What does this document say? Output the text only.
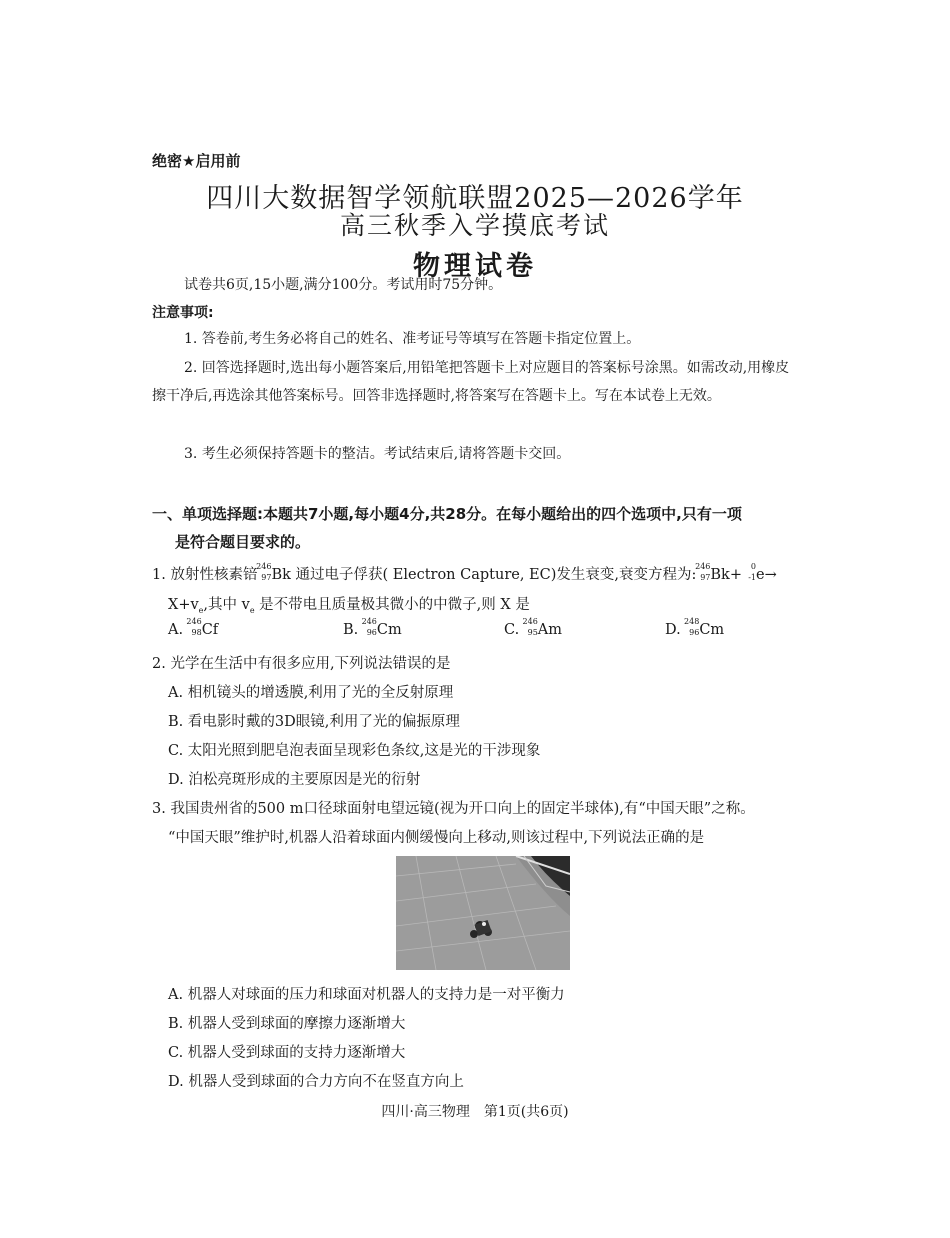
绝密★启用前
四川大数据智学领航联盟2025—2026学年
高三秋季入学摸底考试
物理试卷
试卷共6页,15小题,满分100分。考试用时75分钟。
注意事项:
1. 答卷前,考生务必将自己的姓名、准考证号等填写在答题卡指定位置上。
2. 回答选择题时,选出每小题答案后,用铅笔把答题卡上对应题目的答案标号涂黑。如需改动,用橡皮擦干净后,再选涂其他答案标号。回答非选择题时,将答案写在答题卡上。写在本试卷上无效。
3. 考生必须保持答题卡的整洁。考试结束后,请将答题卡交回。
一、单项选择题:本题共7小题,每小题4分,共28分。在每小题给出的四个选项中,只有一项
是符合题目要求的。
1. 放射性核素锫
246
97 Bk 通过电子俘获( Electron Capture, EC)发生衰变,衰变方程为:
246
97 Bk+
0
-1 e→
$X+v_e$,其中 $v_e$ 是不带电且质量极其微小的中微子,则 X 是
A.
246
98 Cf	B.
246
96 Cm	C.
246
95 Am	D.
248
96 Cm
2. 光学在生活中有很多应用,下列说法错误的是
A. 相机镜头的增透膜,利用了光的全反射原理
B. 看电影时戴的3D眼镜,利用了光的偏振原理
C. 太阳光照到肥皂泡表面呈现彩色条纹,这是光的干涉现象
D. 泊松亮斑形成的主要原因是光的衍射
3. 我国贵州省的500 m口径球面射电望远镜(视为开口向上的固定半球体),有“中国天眼”之称。
“中国天眼”维护时,机器人沿着球面内侧缓慢向上移动,则该过程中,下列说法正确的是
A. 机器人对球面的压力和球面对机器人的支持力是一对平衡力
B. 机器人受到球面的摩擦力逐渐增大
C. 机器人受到球面的支持力逐渐增大
D. 机器人受到球面的合力方向不在竖直方向上
四川·高三物理　第1页(共6页)
